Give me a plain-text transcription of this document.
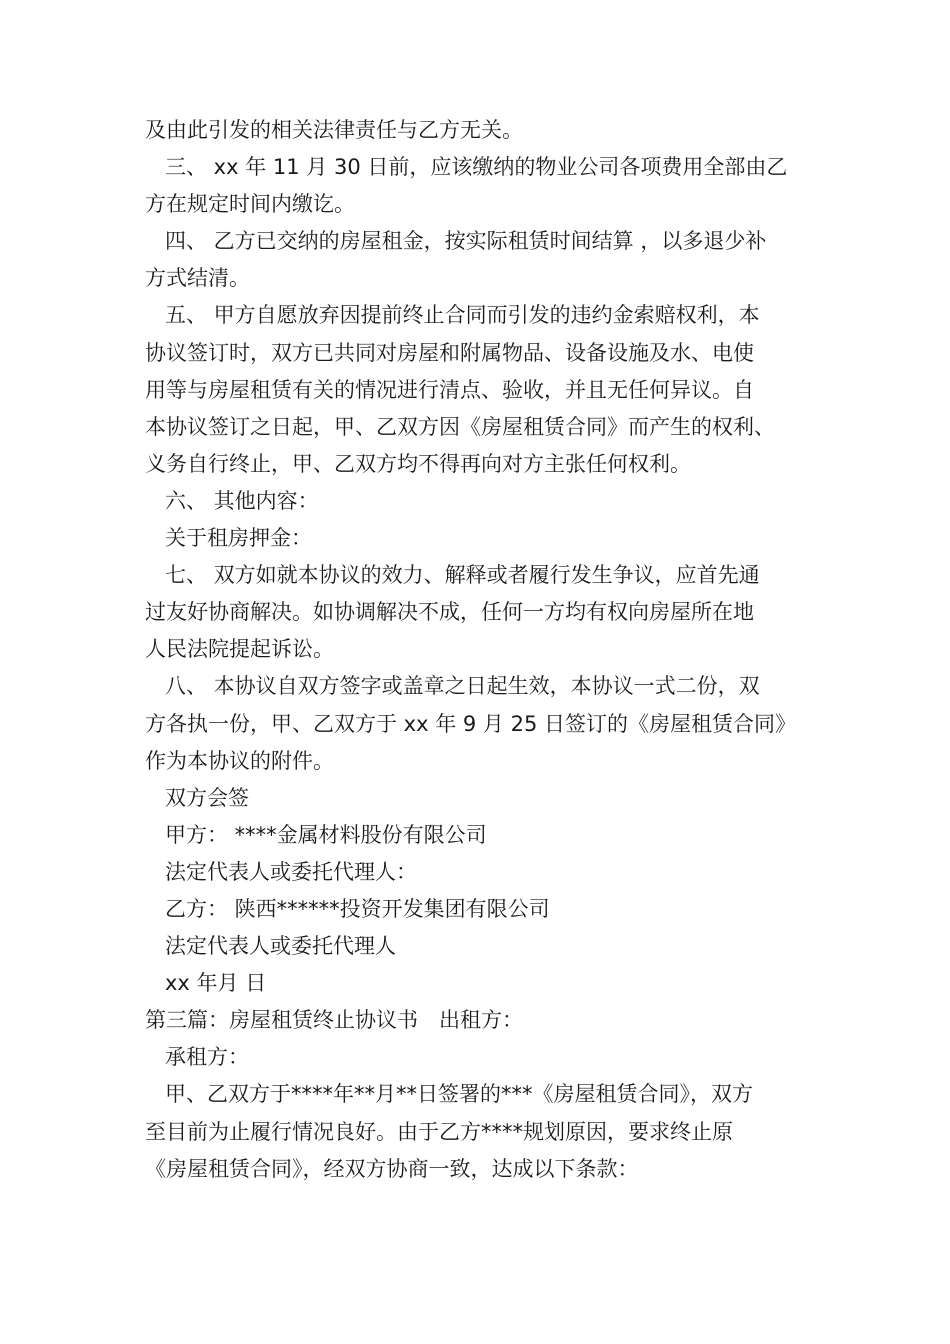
及由此引发的相关法律责任与乙方无关。
三、 xx 年 11 月 30 日前，应该缴纳的物业公司各项费用全部由乙
方在规定时间内缴讫。
四、 乙方已交纳的房屋租金，按实际租赁时间结算 ，以多退少补
方式结清。
五、 甲方自愿放弃因提前终止合同而引发的违约金索赔权利，本
协议签订时，双方已共同对房屋和附属物品、设备设施及水、电使
用等与房屋租赁有关的情况进行清点、验收，并且无任何异议。自
本协议签订之日起，甲、乙双方因《房屋租赁合同》而产生的权利、
义务自行终止，甲、乙双方均不得再向对方主张任何权利。
六、 其他内容：
关于租房押金：
七、 双方如就本协议的效力、解释或者履行发生争议，应首先通
过友好协商解决。如协调解决不成，任何一方均有权向房屋所在地
人民法院提起诉讼。
八、 本协议自双方签字或盖章之日起生效，本协议一式二份，双
方各执一份，甲、乙双方于 xx 年 9 月 25 日签订的《房屋租赁合同》
作为本协议的附件。
双方会签
甲方： ****金属材料股份有限公司
法定代表人或委托代理人：
乙方： 陕西******投资开发集团有限公司
法定代表人或委托代理人
xx 年月 日
第三篇：房屋租赁终止协议书　出租方：
承租方：
甲、乙双方于****年**月**日签署的***《房屋租赁合同》，双方
至目前为止履行情况良好。由于乙方****规划原因，要求终止原
《房屋租赁合同》，经双方协商一致，达成以下条款：
